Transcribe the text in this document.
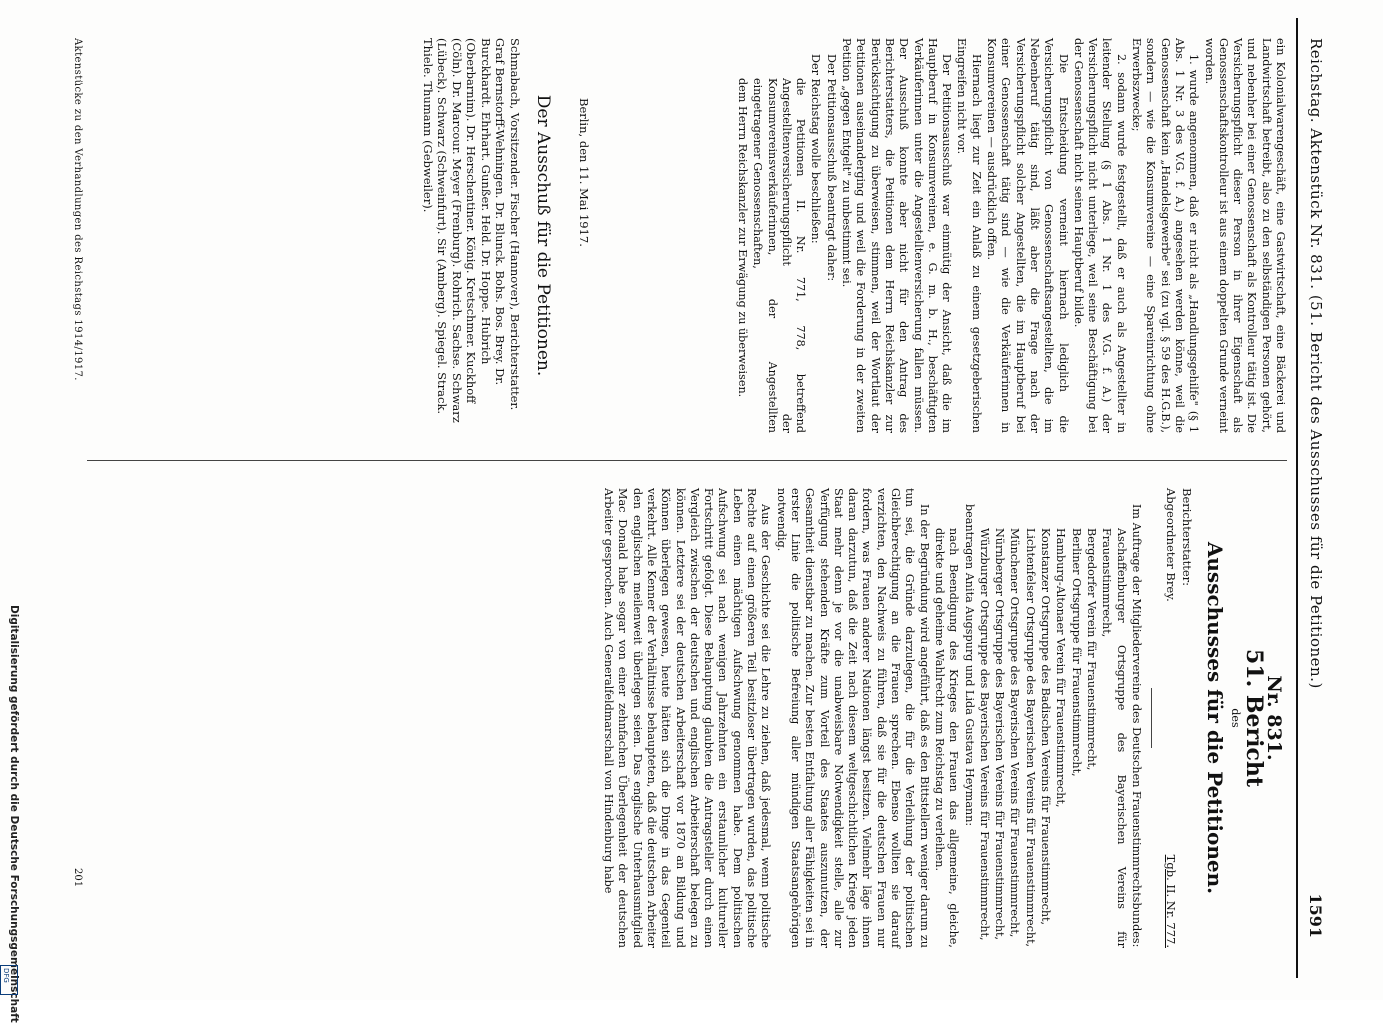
Reichstag. Aktenstück Nr. 831. (51. Bericht des Ausschusses für die Petitionen.)
1591

ein Kolonialwarengeschäft, eine Gastwirtschaft, eine Bäckerei und Landwirtschaft betreibt, also zu den selbständigen Personen gehört, und nebenher bei einer Genossenschaft als Kontrolleur tätig ist. Die Versicherungspflicht dieser Person in ihrer Eigenschaft als Genossenschaftskontrolleur ist aus einem doppelten Grunde verneint worden.

1. wurde angenommen, daß er nicht als „Handlungsgehilfe" (§ 1 Abs. 1 Nr. 3 des V.G. f. A.) angesehen werden könne, weil die Genossenschaft kein „Handelsgewerbe" sei (zu vgl. § 59 des H.G.B.), sondern — wie die Konsumvereine — eine Spareinrichtung ohne Erwerbszwecke;

2. sodann wurde festgestellt, daß er auch als Angestellter in leitender Stellung (§ 1 Abs. 1 Nr. 1 des V.G. f. A.) der Versicherungspflicht nicht unterliege, weil seine Beschäftigung bei der Genossenschaft nicht seinen Hauptberuf bilde.

Die Entscheidung verneint hiernach lediglich die Versicherungspflicht von Genossenschaftsangestellten, die im Nebenberuf tätig sind, läßt aber die Frage nach der Versicherungspflicht solcher Angestellten, die im Hauptberuf bei einer Genossenschaft tätig sind — wie die Verkäuferinnen in Konsumvereinen — ausdrücklich offen.

Hiernach liegt zur Zeit ein Anlaß zu einem gesetzgeberischen Eingreifen nicht vor.

Der Petitionsausschuß war einmütig der Ansicht, daß die im Hauptberuf in Konsumvereinen, e. G. m. b. H., beschäftigten Verkäuferinnen unter die Angestelltenversicherung fallen müssen. Der Ausschuß konnte aber nicht für den Antrag des Berichterstatters, die Petitionen dem Herrn Reichskanzler zur Berücksichtigung zu überweisen, stimmen, weil der Wortlaut der Petitionen auseinanderging und weil die Forderung in der zweiten Petition „gegen Entgelt" zu unbestimmt sei.

Der Petitionsausschuß beantragt daher:

Der Reichstag wolle beschließen:

die Petitionen II. Nr. 771, 778, betreffend Angestelltenversicherungspflicht der Konsumvereinsverkäuferinnen, der Angestellten eingetragener Genossenschaften,

dem Herrn Reichskanzler zur Erwägung zu überweisen.

Berlin, den 11. Mai 1917.
Der Ausschuß für die Petitionen.
Schmabach, Vorsitzender. Fischer (Hannover), Berichterstatter. Graf Bernstorff-Wehningen. Dr. Blunck. Bohs. Bos. Brey. Dr. Burckhardt. Ehrhart. Gunßer. Held. Dr. Hoppe. Hubrich (Oberbarnim). Dr. Herschentiner. König. Kretschmer. Kuckhoff (Cöln). Dr. Marcour. Meyer (Frenburg). Rohrich. Sachse. Schwarz (Lübeck). Schwarz (Schweinfurt). Sir (Amberg). Spiegel. Strack. Thiele. Thumann (Gebweiler).
Nr. 831.
51. Bericht
des
Ausschusses für die Petitionen.
Berichterstatter:
Abgeordneter Brey.
Tgb. II. Nr. 777.

Im Auftrage der Mitgliedervereine des Deutschen Frauenstimmrechtsbundes:

Aschaffenburger Ortsgruppe des Bayerischen Vereins für Frauenstimmrecht,

Bergedorfer Verein für Frauenstimmrecht,

Berliner Ortsgruppe für Frauenstimmrecht,

Hamburg-Altonaer Verein für Frauenstimmrecht,

Konstanzer Ortsgruppe des Badischen Vereins für Frauenstimmrecht,

Lichtenfelser Ortsgruppe des Bayerischen Vereins für Frauenstimmrecht,

Münchener Ortsgruppe des Bayerischen Vereins für Frauenstimmrecht,

Nürnberger Ortsgruppe des Bayerischen Vereins für Frauenstimmrecht,

Würzburger Ortsgruppe des Bayerischen Vereins für Frauenstimmrecht,

beantragen Anita Augspurg und Lida Gustava Heymann:

nach Beendigung des Krieges den Frauen das allgemeine, gleiche, direkte und geheime Wahlrecht zum Reichstag zu verleihen.

In der Begründung wird angeführt, daß es den Bittstellern weniger darum zu tun sei, die Gründe darzulegen, die für die Verleihung der politischen Gleichberechtigung an die Frauen sprechen. Ebenso wollten sie darauf verzichten, den Nachweis zu führen, daß sie für die deutschen Frauen nur fordern, was Frauen anderer Nationen längst besitzen. Vielmehr läge ihnen daran darzutun, daß die Zeit nach diesem weltgeschichtlichen Kriege jeden Staat mehr denn je vor die unabweisbare Notwendigkeit stelle, alle zur Verfügung stehenden Kräfte zum Vorteil des Staates auszunutzen, der Gesamtheit dienstbar zu machen. Zur besten Entfaltung aller Fähigkeiten sei in erster Linie die politische Befreiung aller mündigen Staatsangehörigen notwendig.

Aus der Geschichte sei die Lehre zu ziehen, daß jedesmal, wenn politische Rechte auf einen größeren Teil besitzloser übertragen wurden, das politische Leben einen mächtigen Aufschwung genommen habe. Dem politischen Aufschwung sei nach wenigen Jahrzehnten ein erstaunlicher kultureller Fortschritt gefolgt. Diese Behauptung glaubten die Antragsteller durch einen Vergleich zwischen der deutschen und englischen Arbeiterschaft belegen zu können. Letztere sei der deutschen Arbeiterschaft vor 1870 an Bildung und Können überlegen gewesen, heute hätten sich die Dinge in das Gegenteil verkehrt. Alle Kenner der Verhältnisse behaupteten, daß die deutschen Arbeiter den englischen meilenweit überlegen seien. Das englische Unterhausmitglied Mac Donald habe sogar von einer zehnfachen Überlegenheit der deutschen Arbeiter gesprochen. Auch Generalfeldmarschall von Hindenburg habe

Aktenstücke zu den Verhandlungen des Reichstags 1914/1917.
201
Digitalisierung gefördert durch die Deutsche Forschungsgemeinschaft
DFG
